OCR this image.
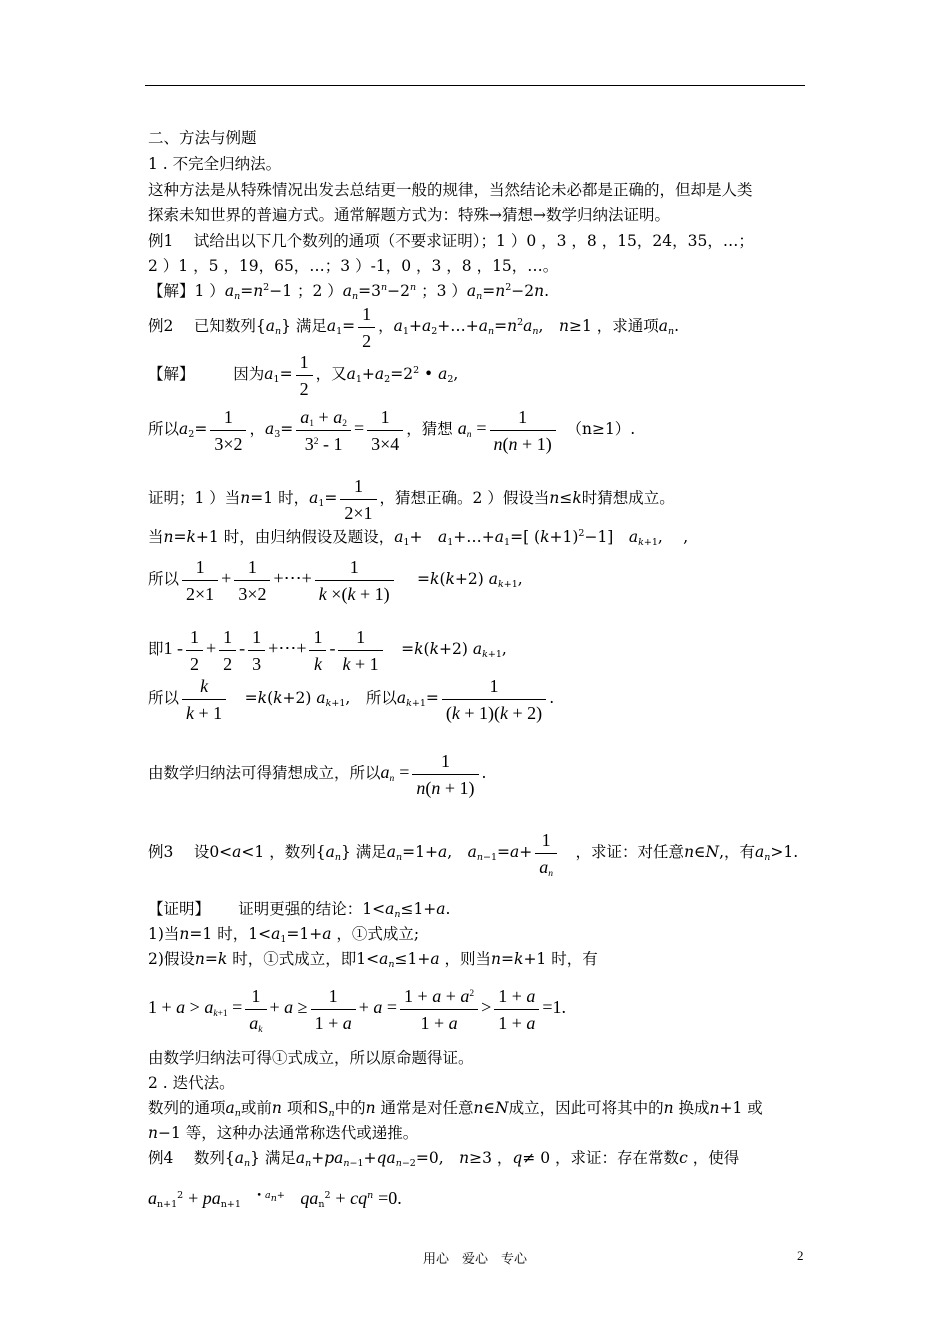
二、方法与例题
1 . 不完全归纳法。
这种方法是从特殊情况出发去总结更一般的规律，当然结论未必都是正确的，但却是人类
探索未知世界的普遍方式。通常解题方式为：特殊→猜想→数学归纳法证明。
例1　 试给出以下几个数列的通项（不要求证明）；1 ）0 ，3 ，8 ，15，24，35，…；
2 ）1 ，5 ，19，65，…；3 ）-1，0 ，3 ，8 ，15，…。
【解】1 ）$a_n=n^2-1$ ；2 ）$a_n=3^n-2^n$ ；3 ）$a_n=n^2-2n$.
例2　 已知数列$\{a_n\}$ 满足$a_1= \frac{1}{2}$ ，$a_1+a_2+\dots+a_n=n^2a_n$,　n≥1 ，求通项$a_n$.
【解】　　　	因为$a_1= \frac{1}{2}$ ，又$a_1+a_2=2^2$ • $a_2$,
所以$a_2= \frac{1}{3\times 2}$ ，$a_3= \frac{a_1 + a_2}{3^2 - 1} = \frac{1}{3\times 4}$ ，猜想 $a_n = \frac{1}{n(n + 1)}$
　 （n≥1）.
证明；1 ）当n=1 时，$a_1= \frac{1}{2\times 1}$ ，猜想正确。2 ）假设当n≤k时猜想成立。
当n=k+1 时，由归纳假设及题设，$a_1+$　$a_1+\dots+a_1=$[ $(k+1)^2-1$]　$a_{k+1}$,　 ,
所以 $\frac{1}{2\times 1} + \frac{1}{3\times 2}$ +⋯+ $\frac{1}{k \times(k + 1)}$ 　 =k(k+2) $a_{k+1}$,
即$1 - \frac{1}{2} + \frac{1}{2} - \frac{1}{3}$ +⋯+ $\frac{1}{k} - \frac{1}{k + 1}$ 　=k(k+2) $a_{k+1}$,
所以 $\frac{k}{k + 1}$ 　=k(k+2) $a_{k+1}$,　所以$a_{k+1}= \frac{1}{(k + 1)(k + 2)}$ .
由数学归纳法可得猜想成立，所以$a_n = \frac{1}{n(n + 1)}$ .
例3　 设0<a<1 ，数列$\{a_n\}$ 满足$a_n=1+a$,　$a_{n-1}=a+ \frac{1}{a_n}$
　 ，求证：对任意n∈N,，有$a_n>1$.
【证明】　　 证明更强的结论：$1<a_n\le 1+a$.
1)当n=1 时，$1<a_1=1+a$ ，①式成立;
2)假设n=k 时，①式成立，即$1<a_n\le 1+a$ ，则当n=k+1 时，有
$1 + a > a_{k+1} = \frac{1}{a_k} + a \ge \frac{1}{1 + a} + a = \frac{1 + a + a^2}{1 + a} > \frac{1 + a}{1 + a} =1$.
由数学归纳法可得①式成立，所以原命题得证。
2 . 迭代法。
数列的通项$a_n$或前n 项和$S_n$中的n 通常是对任意n∈N成立，因此可将其中的n 换成n+1 或
n−1 等，这种办法通常称迭代或递推。
例4　 数列$\{a_n\}$ 满足$a_n+pa_{n-1}+qa_{n-2}=0$,　n≥3 ，q≠ 0 ，求证：存在常数c ，使得
$a_{n+1}^2 + pa_{n+1}$　$^{• a_n+}$　 $qa_n^2 + cq^n =0$.
用心　爱心　专心	2
